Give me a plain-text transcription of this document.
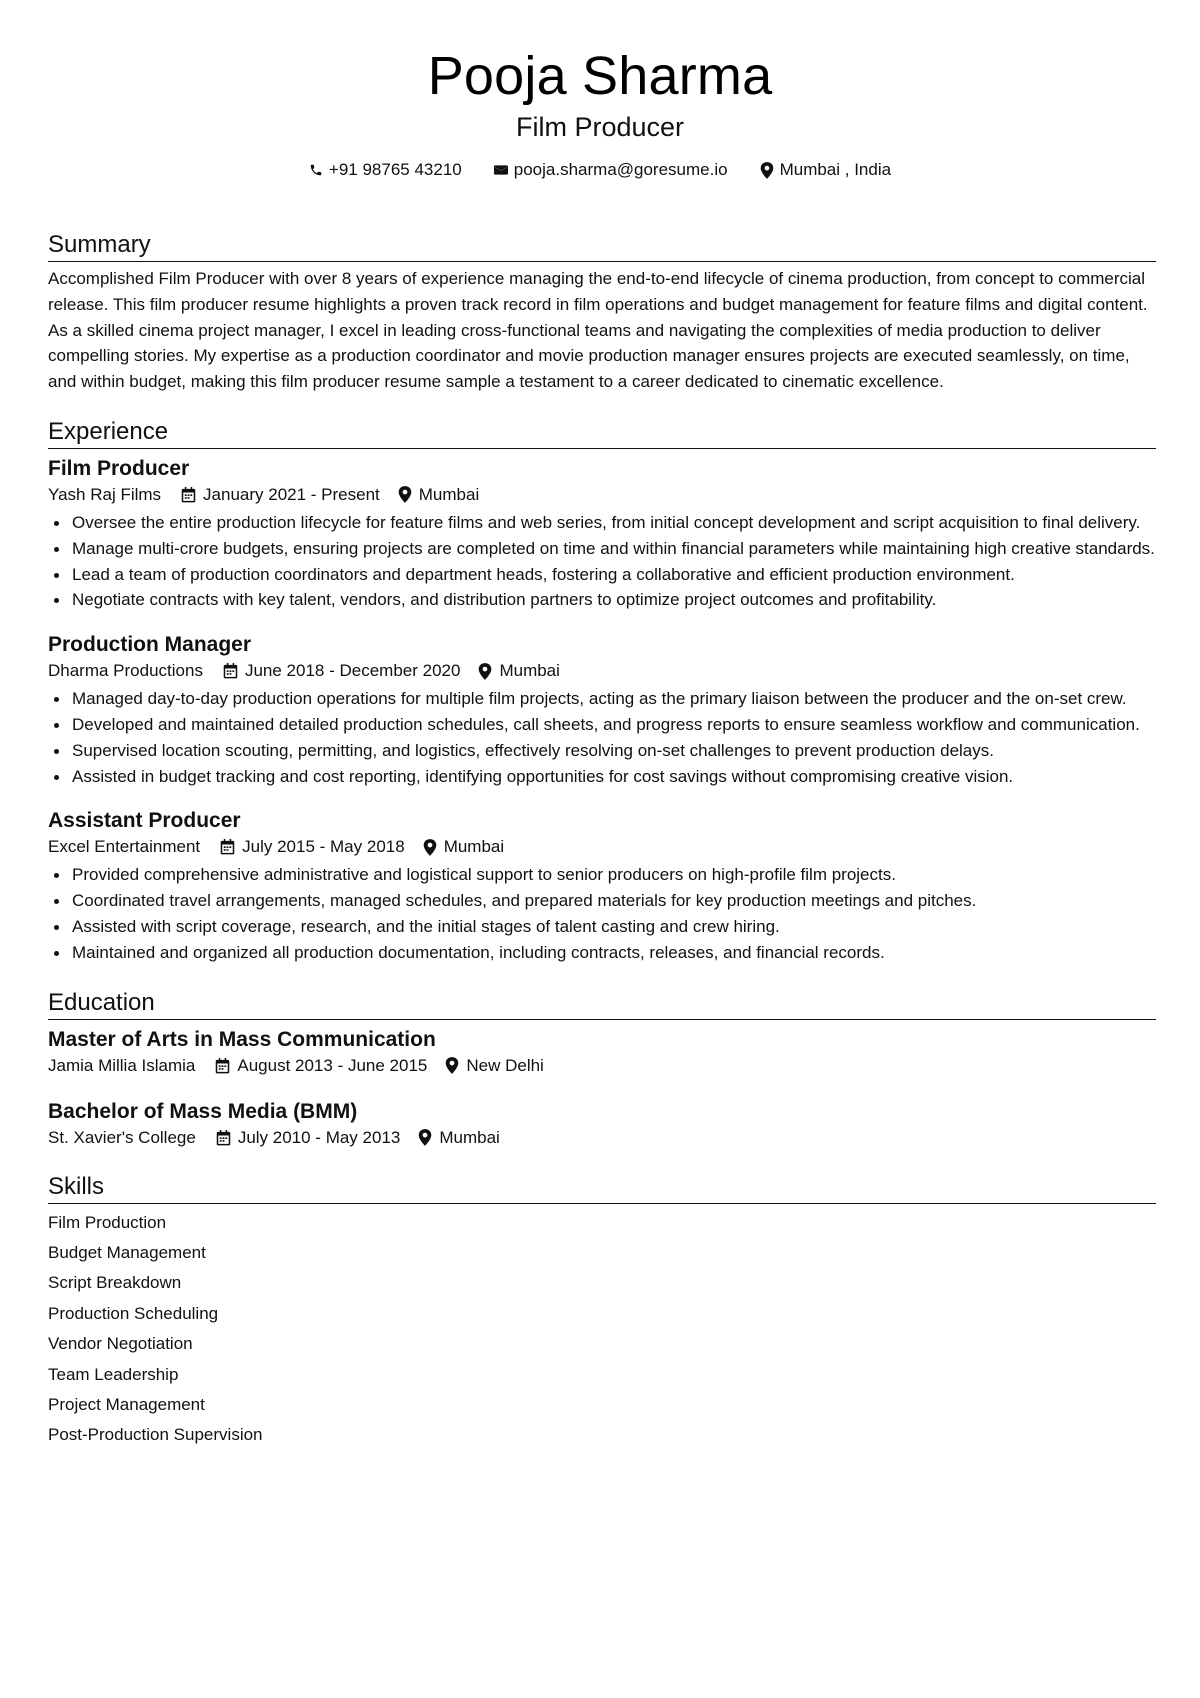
Pooja Sharma
Film Producer
+91 98765 43210	pooja.sharma@goresume.io	Mumbai , India
Summary
Accomplished Film Producer with over 8 years of experience managing the end-to-end lifecycle of cinema production, from concept to commercial release. This film producer resume highlights a proven track record in film operations and budget management for feature films and digital content. As a skilled cinema project manager, I excel in leading cross-functional teams and navigating the complexities of media production to deliver compelling stories. My expertise as a production coordinator and movie production manager ensures projects are executed seamlessly, on time, and within budget, making this film producer resume sample a testament to a career dedicated to cinematic excellence.
Experience
Film Producer
Yash Raj Films January 2021 - Present Mumbai
Oversee the entire production lifecycle for feature films and web series, from initial concept development and script acquisition to final delivery.
Manage multi-crore budgets, ensuring projects are completed on time and within financial parameters while maintaining high creative standards.
Lead a team of production coordinators and department heads, fostering a collaborative and efficient production environment.
Negotiate contracts with key talent, vendors, and distribution partners to optimize project outcomes and profitability.
Production Manager
Dharma Productions June 2018 - December 2020 Mumbai
Managed day-to-day production operations for multiple film projects, acting as the primary liaison between the producer and the on-set crew.
Developed and maintained detailed production schedules, call sheets, and progress reports to ensure seamless workflow and communication.
Supervised location scouting, permitting, and logistics, effectively resolving on-set challenges to prevent production delays.
Assisted in budget tracking and cost reporting, identifying opportunities for cost savings without compromising creative vision.
Assistant Producer
Excel Entertainment July 2015 - May 2018 Mumbai
Provided comprehensive administrative and logistical support to senior producers on high-profile film projects.
Coordinated travel arrangements, managed schedules, and prepared materials for key production meetings and pitches.
Assisted with script coverage, research, and the initial stages of talent casting and crew hiring.
Maintained and organized all production documentation, including contracts, releases, and financial records.
Education
Master of Arts in Mass Communication
Jamia Millia Islamia August 2013 - June 2015 New Delhi
Bachelor of Mass Media (BMM)
St. Xavier's College July 2010 - May 2013 Mumbai
Skills
Film Production
Budget Management
Script Breakdown
Production Scheduling
Vendor Negotiation
Team Leadership
Project Management
Post-Production Supervision
